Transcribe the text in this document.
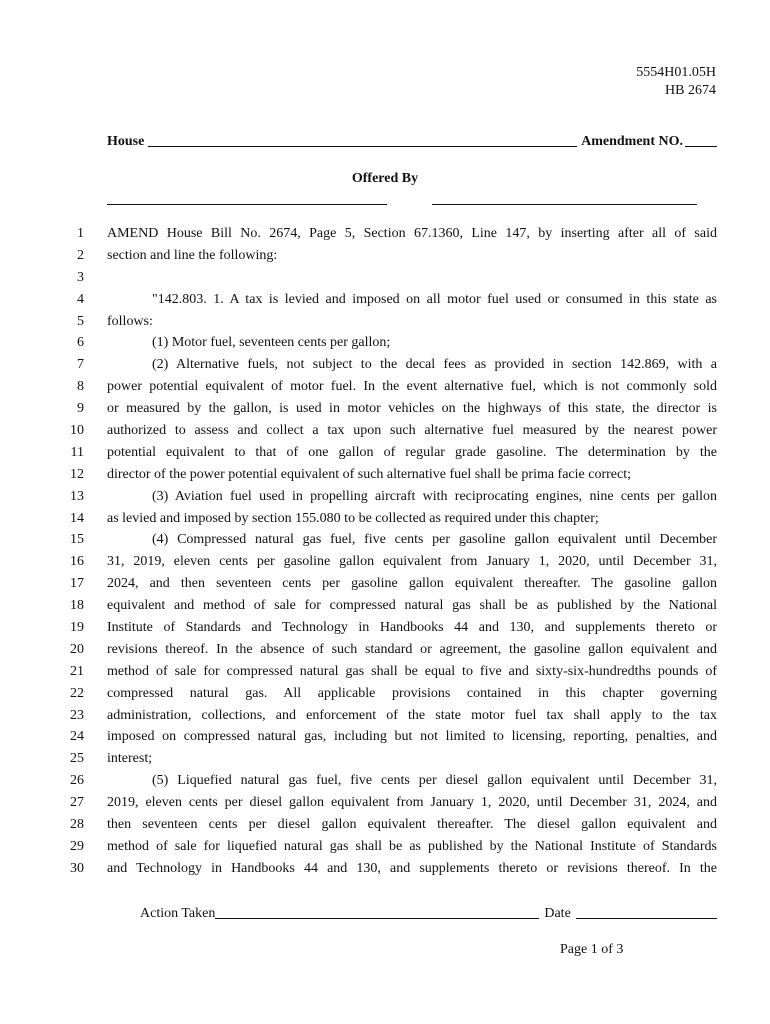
5554H01.05H
HB 2674
House	Amendment NO.
Offered By
1 AMEND House Bill No. 2674, Page 5, Section 67.1360, Line 147, by inserting after all of said
2 section and line the following:
3
4	"142.803. 1. A tax is levied and imposed on all motor fuel used or consumed in this state as
5 follows:
6	(1) Motor fuel, seventeen cents per gallon;
7	(2) Alternative fuels, not subject to the decal fees as provided in section 142.869, with a
8 power potential equivalent of motor fuel. In the event alternative fuel, which is not commonly sold
9 or measured by the gallon, is used in motor vehicles on the highways of this state, the director is
10 authorized to assess and collect a tax upon such alternative fuel measured by the nearest power
11 potential equivalent to that of one gallon of regular grade gasoline. The determination by the
12 director of the power potential equivalent of such alternative fuel shall be prima facie correct;
13	(3) Aviation fuel used in propelling aircraft with reciprocating engines, nine cents per gallon
14 as levied and imposed by section 155.080 to be collected as required under this chapter;
15	(4) Compressed natural gas fuel, five cents per gasoline gallon equivalent until December
16 31, 2019, eleven cents per gasoline gallon equivalent from January 1, 2020, until December 31,
17 2024, and then seventeen cents per gasoline gallon equivalent thereafter. The gasoline gallon
18 equivalent and method of sale for compressed natural gas shall be as published by the National
19 Institute of Standards and Technology in Handbooks 44 and 130, and supplements thereto or
20 revisions thereof. In the absence of such standard or agreement, the gasoline gallon equivalent and
21 method of sale for compressed natural gas shall be equal to five and sixty-six-hundredths pounds of
22 compressed natural gas. All applicable provisions contained in this chapter governing
23 administration, collections, and enforcement of the state motor fuel tax shall apply to the tax
24 imposed on compressed natural gas, including but not limited to licensing, reporting, penalties, and
25 interest;
26	(5) Liquefied natural gas fuel, five cents per diesel gallon equivalent until December 31,
27 2019, eleven cents per diesel gallon equivalent from January 1, 2020, until December 31, 2024, and
28 then seventeen cents per diesel gallon equivalent thereafter. The diesel gallon equivalent and
29 method of sale for liquefied natural gas shall be as published by the National Institute of Standards
30 and Technology in Handbooks 44 and 130, and supplements thereto or revisions thereof. In the
Action Taken	Date
Page 1 of 3
